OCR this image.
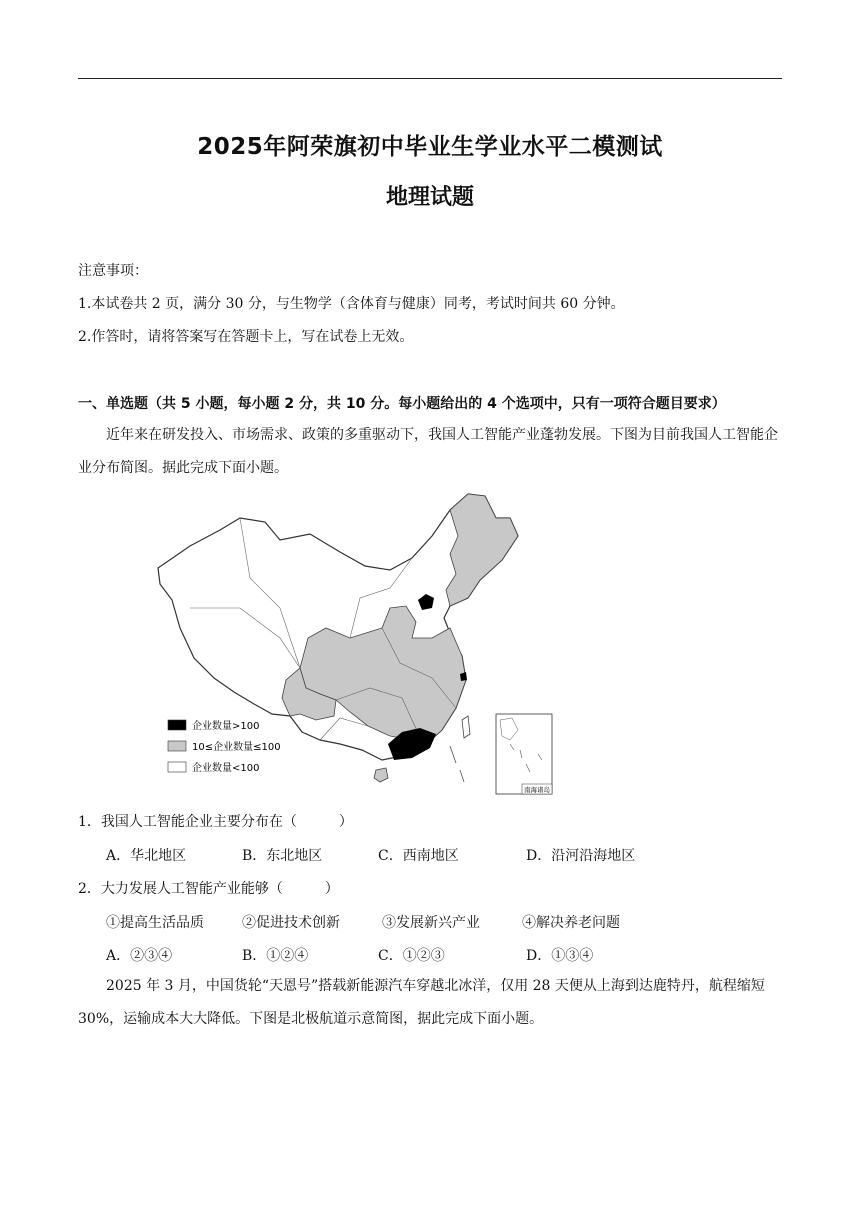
2025年阿荣旗初中毕业生学业水平二模测试
地理试题
注意事项：
1.本试卷共 2 页，满分 30 分，与生物学（含体育与健康）同考，考试时间共 60 分钟。
2.作答时，请将答案写在答题卡上，写在试卷上无效。
一、单选题（共 5 小题，每小题 2 分，共 10 分。每小题给出的 4 个选项中，只有一项符合题目要求）
近年来在研发投入、市场需求、政策的多重驱动下，我国人工智能产业蓬勃发展。下图为目前我国人工智能企业分布简图。据此完成下面小题。
企业数量>100
10≤企业数量≤100
企业数量<100
南海诸岛
1．我国人工智能企业主要分布在（　　　）
A．华北地区	B．东北地区	C．西南地区	D．沿河沿海地区
2．大力发展人工智能产业能够（　　　）
①提高生活品质	②促进技术创新	③发展新兴产业	④解决养老问题
A．②③④	B．①②④	C．①②③	D．①③④
2025 年 3 月，中国货轮“天恩号”搭载新能源汽车穿越北冰洋，仅用 28 天便从上海到达鹿特丹，航程缩短 30%，运输成本大大降低。下图是北极航道示意简图，据此完成下面小题。
